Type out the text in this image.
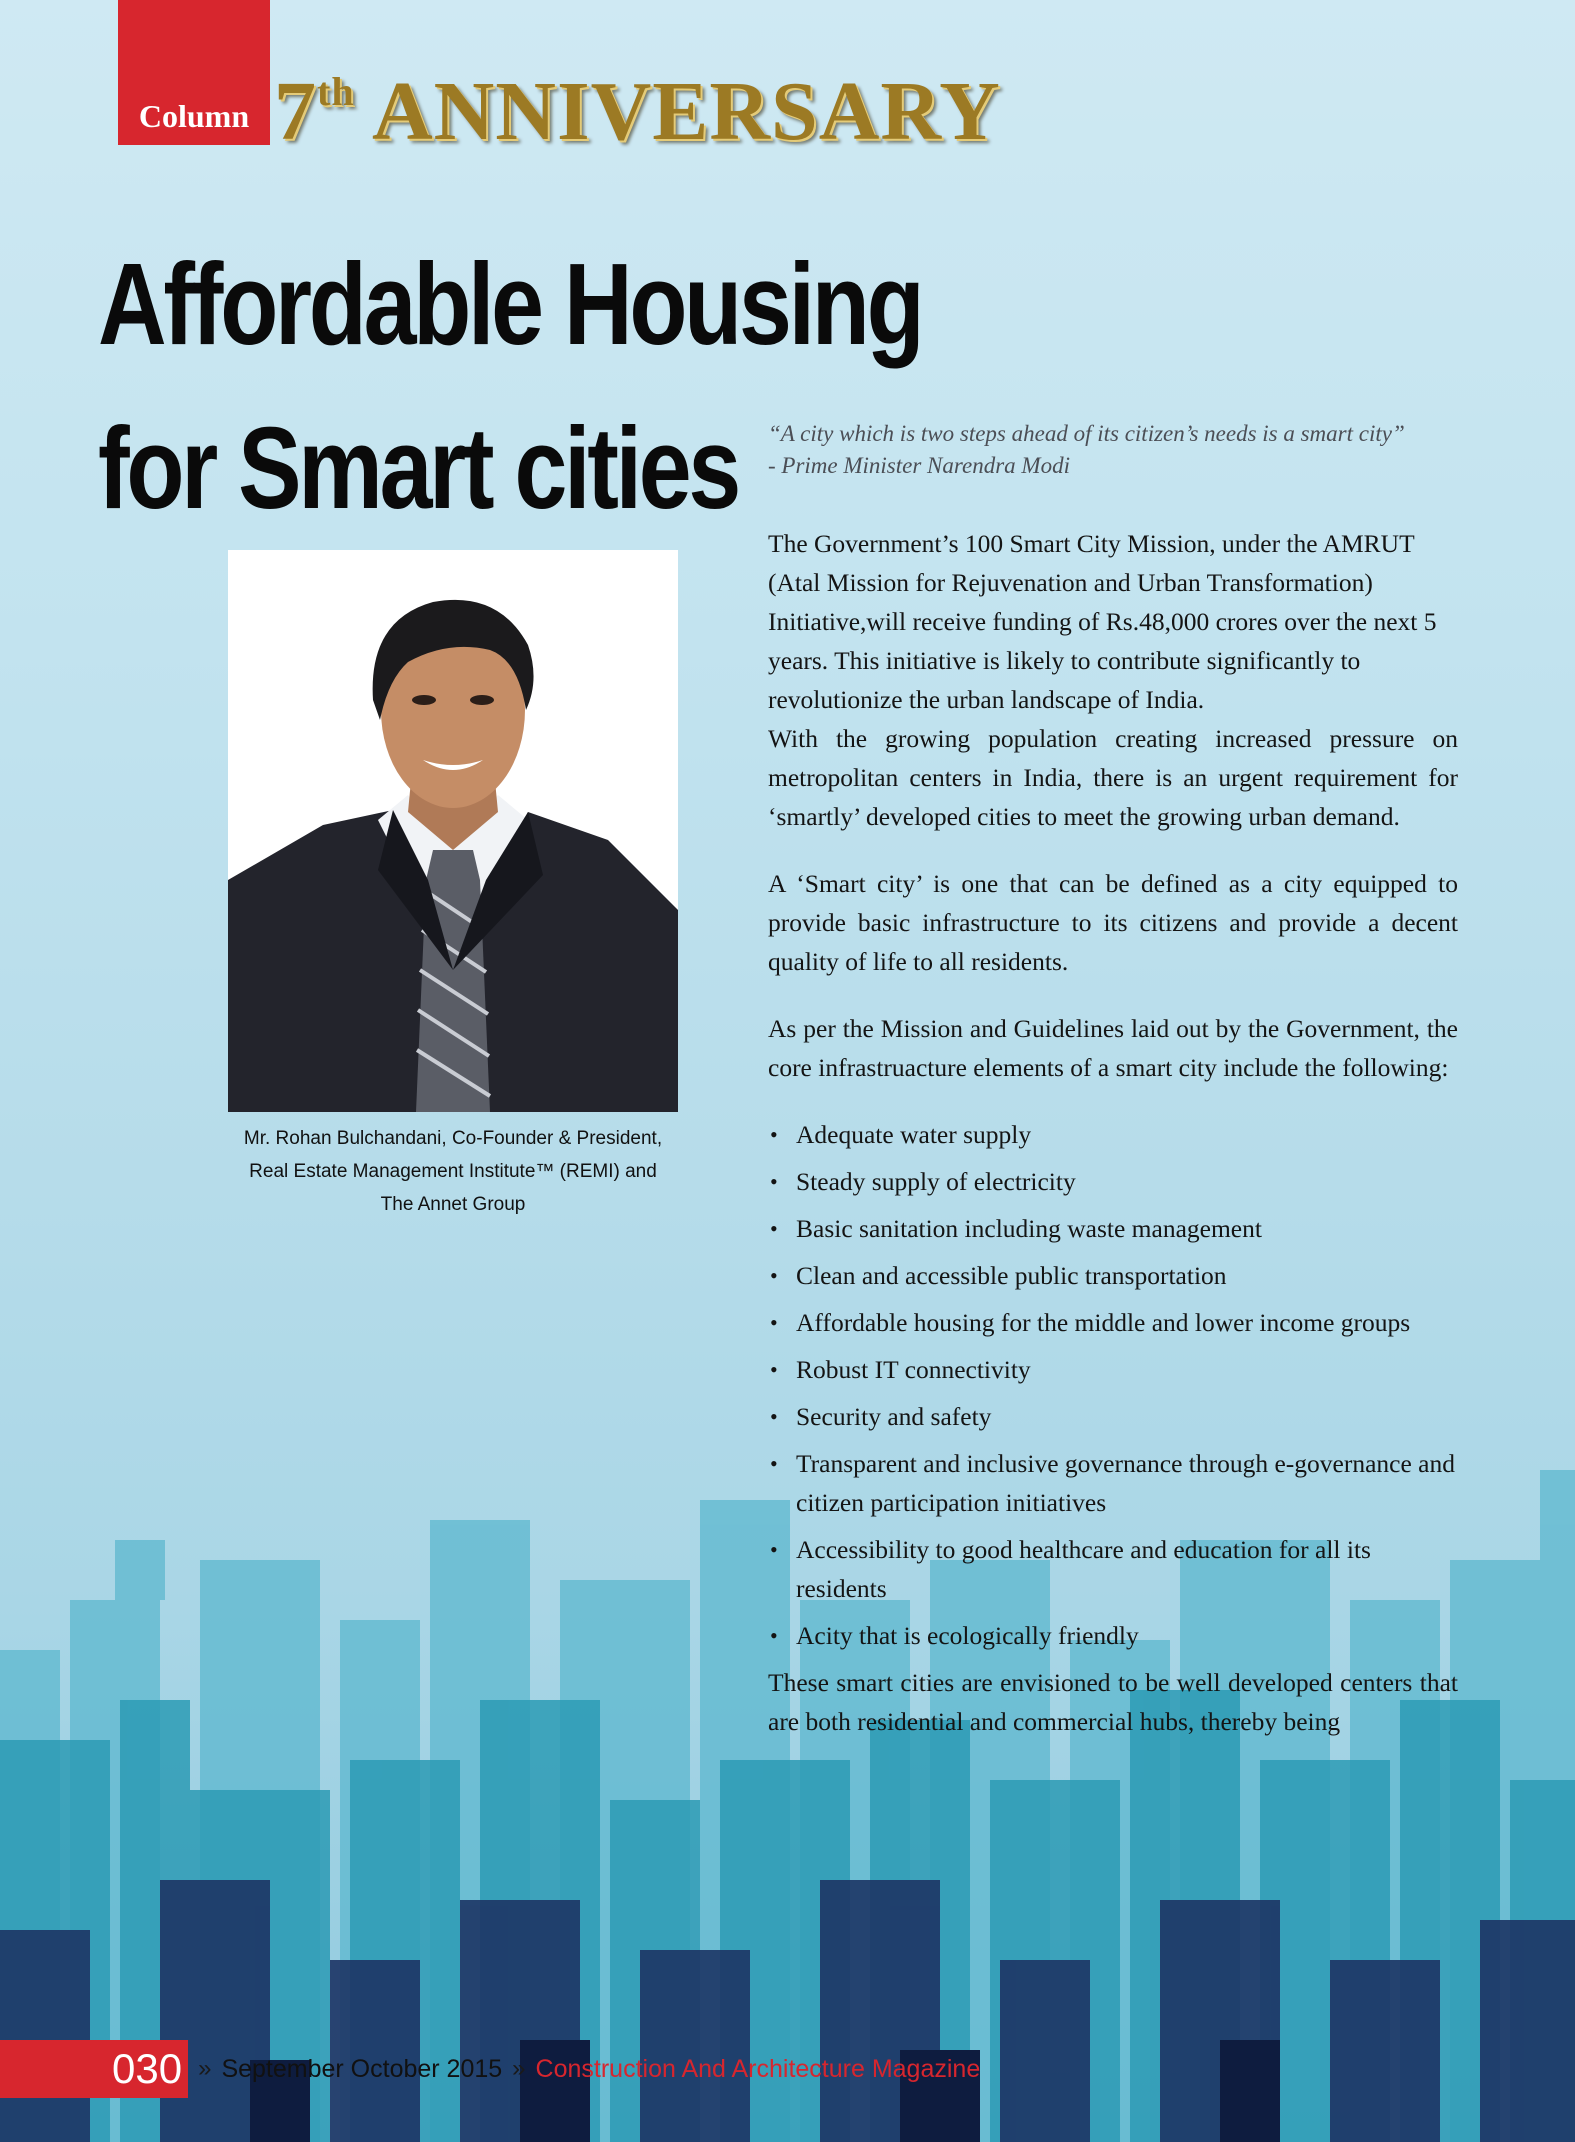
Column 7th ANNIVERSARY
Affordable Housing
for Smart cities
Mr. Rohan Bulchandani, Co-Founder & President,
Real Estate Management Institute™ (REMI) and
The Annet Group
“A city which is two steps ahead of its citizen’s needs is a smart city”
- Prime Minister Narendra Modi

The Government’s 100 Smart City Mission, under the AMRUT (Atal Mission for Rejuvenation and Urban Transformation) Initiative,will receive funding of Rs.48,000 crores over the next 5 years. This initiative is likely to contribute significantly to revolutionize the urban landscape of India.

With the growing population creating increased pressure on metropolitan centers in India, there is an urgent requirement for ‘smartly’ developed cities to meet the growing urban demand.

A ‘Smart city’ is one that can be defined as a city equipped to provide basic infrastructure to its citizens and provide a decent quality of life to all residents.

As per the Mission and Guidelines laid out by the Government, the core infrastruacture elements of a smart city include the following:

• Adequate water supply
• Steady supply of electricity
• Basic sanitation including waste management
• Clean and accessible public transportation
• Affordable housing for the middle and lower income groups
• Robust IT connectivity
• Security and safety
• Transparent and inclusive governance through e-governance and citizen participation initiatives
• Accessibility to good healthcare and education for all its residents
• Acity that is ecologically friendly

These smart cities are envisioned to be well developed centers that are both residential and commercial hubs, thereby being

030 » September October 2015 » Construction And Architecture Magazine
